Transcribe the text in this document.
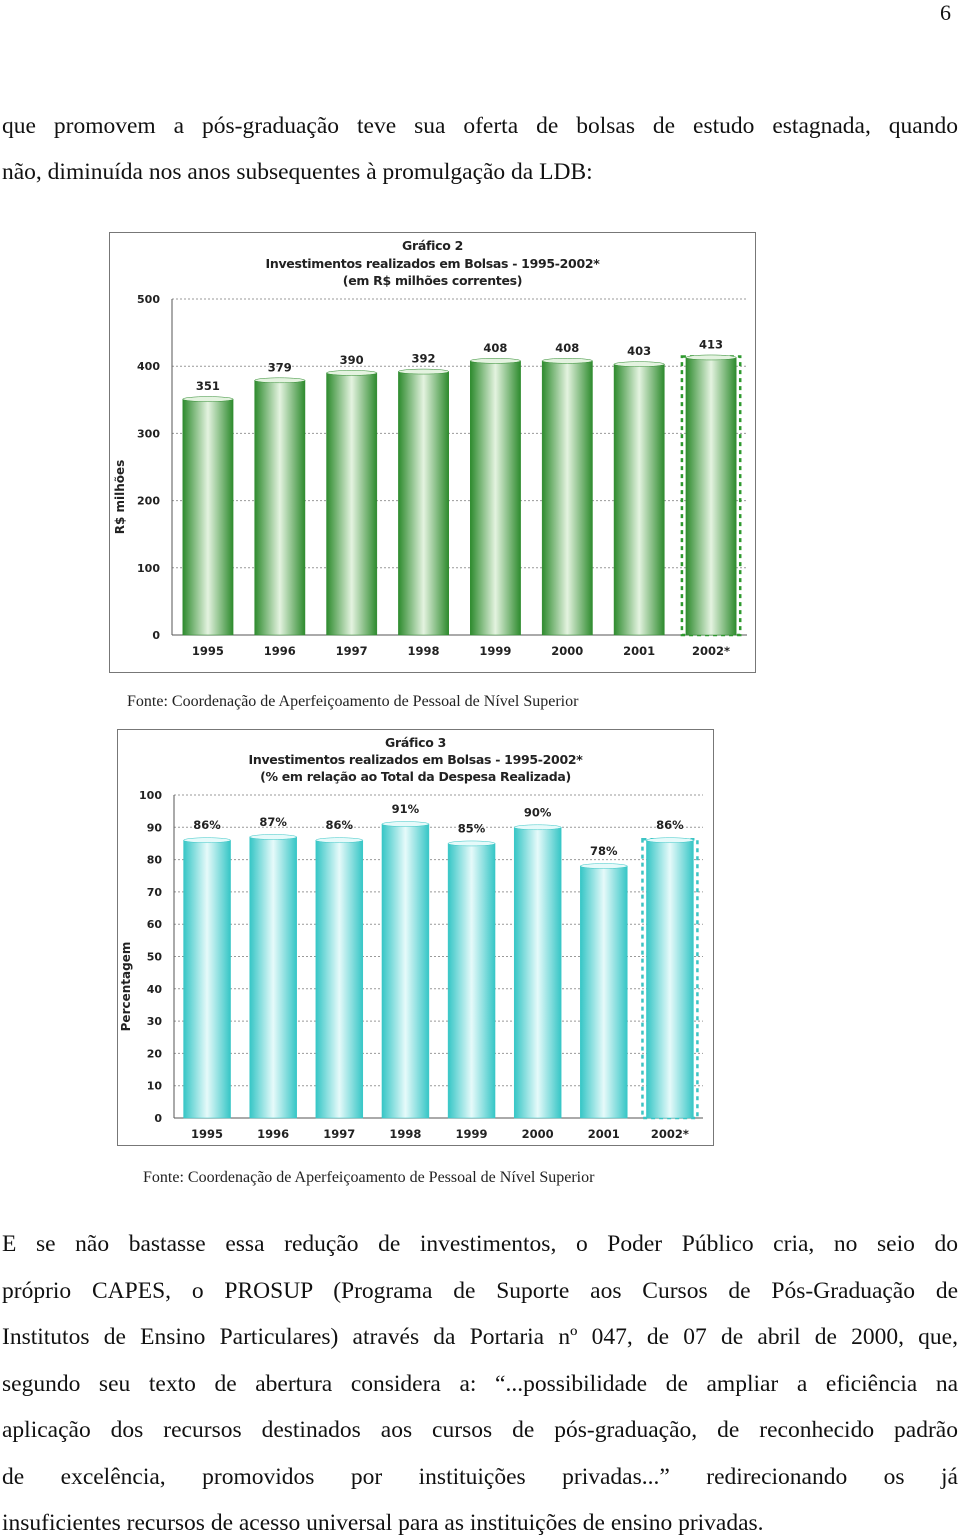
6
que promovem a pós-graduação teve sua oferta de bolsas de estudo estagnada, quando
não, diminuída nos anos subsequentes à promulgação da LDB:
Gráfico 2
Investimentos realizados em Bolsas - 1995-2002*
(em R$ milhões correntes)
0
100
200
300
400
500
R$ milhões
351
1995
379
1996
390
1997
392
1998
408
1999
408
2000
403
2001
413
2002*
Fonte: Coordenação de Aperfeiçoamento de Pessoal de Nível Superior
Gráfico 3
Investimentos realizados em Bolsas - 1995-2002*
(% em relação ao Total da Despesa Realizada)
0
10
20
30
40
50
60
70
80
90
100
Percentagem
86%
1995
87%
1996
86%
1997
91%
1998
85%
1999
90%
2000
78%
2001
86%
2002*
Fonte: Coordenação de Aperfeiçoamento de Pessoal de Nível Superior
E se não bastasse essa redução de investimentos, o Poder Público cria, no seio do
próprio CAPES, o PROSUP (Programa de Suporte aos Cursos de Pós-Graduação de
Institutos de Ensino Particulares) através da Portaria nº 047, de 07 de abril de 2000, que,
segundo seu texto de abertura considera a: “...possibilidade de ampliar a eficiência na
aplicação dos recursos destinados aos cursos de pós-graduação, de reconhecido padrão
de excelência, promovidos por instituições privadas...” redirecionando os já
insuficientes recursos de acesso universal para as instituições de ensino privadas.
